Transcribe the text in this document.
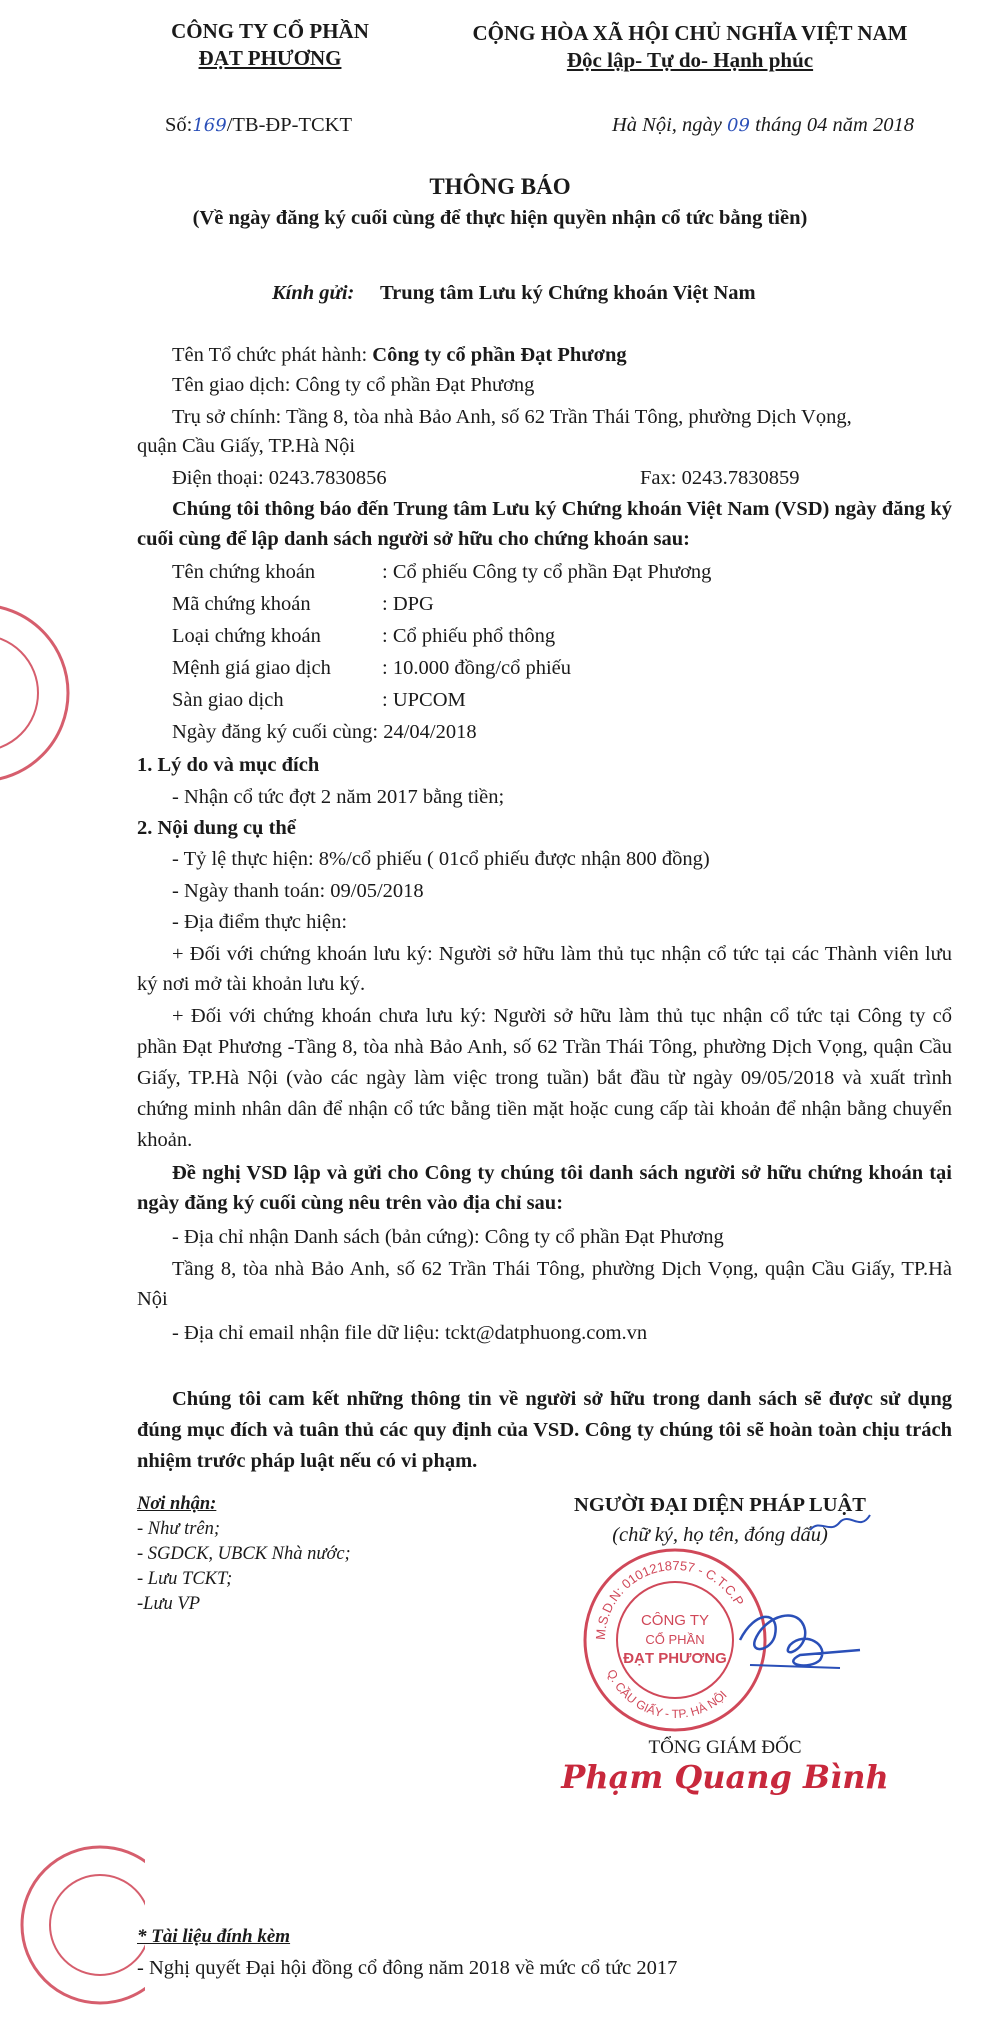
CÔNG TY CỔ PHẦN
ĐẠT PHƯƠNG
CỘNG HÒA XÃ HỘI CHỦ NGHĨA VIỆT NAM
Độc lập- Tự do- Hạnh phúc
Số:169/TB-ĐP-TCKT	Hà Nội, ngày 09 tháng 04 năm 2018
THÔNG BÁO
(Về ngày đăng ký cuối cùng để thực hiện quyền nhận cổ tức bằng tiền)
Kính gửi: Trung tâm Lưu ký Chứng khoán Việt Nam
Tên Tổ chức phát hành: Công ty cổ phần Đạt Phương
Tên giao dịch: Công ty cổ phần Đạt Phương
Trụ sở chính: Tầng 8, tòa nhà Bảo Anh, số 62 Trần Thái Tông, phường Dịch Vọng,
quận Cầu Giấy, TP.Hà Nội
Điện thoại: 0243.7830856	Fax: 0243.7830859
Chúng tôi thông báo đến Trung tâm Lưu ký Chứng khoán Việt Nam (VSD) ngày đăng ký cuối cùng để lập danh sách người sở hữu cho chứng khoán sau:
Tên chứng khoán	: Cổ phiếu Công ty cổ phần Đạt Phương
Mã chứng khoán	: DPG
Loại chứng khoán	: Cổ phiếu phổ thông
Mệnh giá giao dịch	: 10.000 đồng/cổ phiếu
Sàn giao dịch	: UPCOM
Ngày đăng ký cuối cùng: 24/04/2018
1. Lý do và mục đích
- Nhận cổ tức đợt 2 năm 2017 bằng tiền;
2. Nội dung cụ thể
- Tỷ lệ thực hiện: 8%/cổ phiếu ( 01cổ phiếu được nhận 800 đồng)
- Ngày thanh toán: 09/05/2018
- Địa điểm thực hiện:
+ Đối với chứng khoán lưu ký: Người sở hữu làm thủ tục nhận cổ tức tại các Thành viên lưu ký nơi mở tài khoản lưu ký.
+ Đối với chứng khoán chưa lưu ký: Người sở hữu làm thủ tục nhận cổ tức tại Công ty cổ phần Đạt Phương -Tầng 8, tòa nhà Bảo Anh, số 62 Trần Thái Tông, phường Dịch Vọng, quận Cầu Giấy, TP.Hà Nội (vào các ngày làm việc trong tuần) bắt đầu từ ngày 09/05/2018 và xuất trình chứng minh nhân dân để nhận cổ tức bằng tiền mặt hoặc cung cấp tài khoản để nhận bằng chuyển khoản.
Đề nghị VSD lập và gửi cho Công ty chúng tôi danh sách người sở hữu chứng khoán tại ngày đăng ký cuối cùng nêu trên vào địa chỉ sau:
- Địa chỉ nhận Danh sách (bản cứng): Công ty cổ phần Đạt Phương
Tầng 8, tòa nhà Bảo Anh, số 62 Trần Thái Tông, phường Dịch Vọng, quận Cầu Giấy, TP.Hà Nội
- Địa chỉ email nhận file dữ liệu: tckt@datphuong.com.vn
Chúng tôi cam kết những thông tin về người sở hữu trong danh sách sẽ được sử dụng đúng mục đích và tuân thủ các quy định của VSD. Công ty chúng tôi sẽ hoàn toàn chịu trách nhiệm trước pháp luật nếu có vi phạm.
Nơi nhận:
- Như trên;
- SGDCK, UBCK Nhà nước;
- Lưu TCKT;
-Lưu VP
NGƯỜI ĐẠI DIỆN PHÁP LUẬT
(chữ ký, họ tên, đóng dấu)
M.S.D.N: 0101218757 - C.T.C.P
Q. CẦU GIẤY - TP. HÀ NỘI
CÔNG TY
CỔ PHẦN
ĐẠT PHƯƠNG
TỔNG GIÁM ĐỐC
Phạm Quang Bình
* Tài liệu đính kèm
- Nghị quyết Đại hội đồng cổ đông năm 2018 về mức cổ tức 2017
